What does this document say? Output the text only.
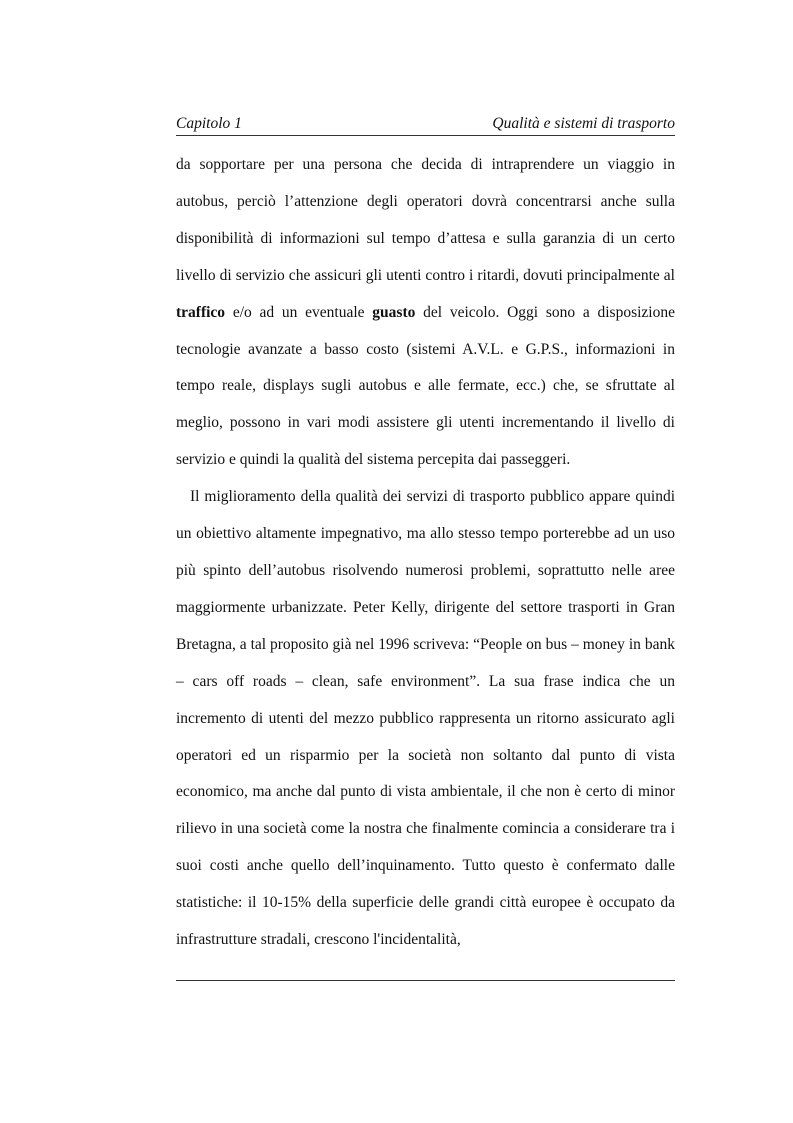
Capitolo 1	Qualità e sistemi di trasporto

da sopportare per una persona che decida di intraprendere un viaggio in autobus, perciò l’attenzione degli operatori dovrà concentrarsi anche sulla disponibilità di informazioni sul tempo d’attesa e sulla garanzia di un certo livello di servizio che assicuri gli utenti contro i ritardi, dovuti principalmente al traffico e/o ad un eventuale guasto del veicolo. Oggi sono a disposizione tecnologie avanzate a basso costo (sistemi A.V.L. e G.P.S., informazioni in tempo reale, displays sugli autobus e alle fermate, ecc.) che, se sfruttate al meglio, possono in vari modi assistere gli utenti incrementando il livello di servizio e quindi la qualità del sistema percepita dai passeggeri.

Il miglioramento della qualità dei servizi di trasporto pubblico appare quindi un obiettivo altamente impegnativo, ma allo stesso tempo porterebbe ad un uso più spinto dell’autobus risolvendo numerosi problemi, soprattutto nelle aree maggiormente urbanizzate. Peter Kelly, dirigente del settore trasporti in Gran Bretagna, a tal proposito già nel 1996 scriveva: “People on bus – money in bank – cars off roads – clean, safe environment”. La sua frase indica che un incremento di utenti del mezzo pubblico rappresenta un ritorno assicurato agli operatori ed un risparmio per la società non soltanto dal punto di vista economico, ma anche dal punto di vista ambientale, il che non è certo di minor rilievo in una società come la nostra che finalmente comincia a considerare tra i suoi costi anche quello dell’inquinamento. Tutto questo è confermato dalle statistiche: il 10-15% della superficie delle grandi città europee è occupato da infrastrutture stradali, crescono l'incidentalità,
